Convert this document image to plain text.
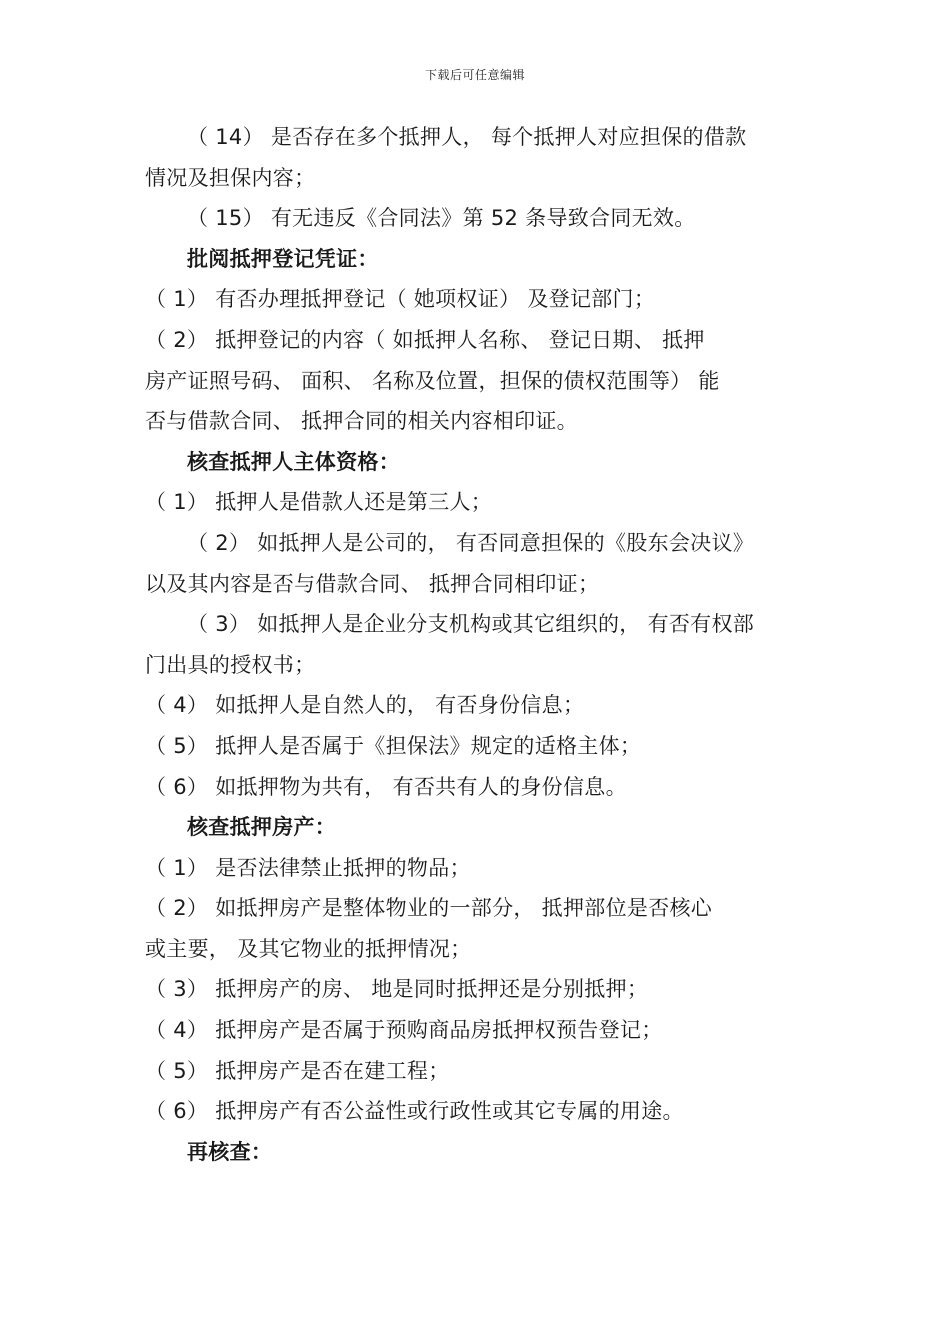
下载后可任意编辑
（ 14） 是否存在多个抵押人， 每个抵押人对应担保的借款
情况及担保内容；
（ 15） 有无违反《合同法》第 52 条导致合同无效。
批阅抵押登记凭证：
（ 1） 有否办理抵押登记（ 她项权证） 及登记部门；
（ 2） 抵押登记的内容（ 如抵押人名称、 登记日期、 抵押
房产证照号码、 面积、 名称及位置，担保的债权范围等） 能
否与借款合同、 抵押合同的相关内容相印证。
核查抵押人主体资格：
（ 1） 抵押人是借款人还是第三人；
（ 2） 如抵押人是公司的， 有否同意担保的《股东会决议》
以及其内容是否与借款合同、 抵押合同相印证；
（ 3） 如抵押人是企业分支机构或其它组织的， 有否有权部
门出具的授权书；
（ 4） 如抵押人是自然人的， 有否身份信息；
（ 5） 抵押人是否属于《担保法》规定的适格主体；
（ 6） 如抵押物为共有， 有否共有人的身份信息。
核查抵押房产：
（ 1） 是否法律禁止抵押的物品；
（ 2） 如抵押房产是整体物业的一部分， 抵押部位是否核心
或主要， 及其它物业的抵押情况；
（ 3） 抵押房产的房、 地是同时抵押还是分别抵押；
（ 4） 抵押房产是否属于预购商品房抵押权预告登记；
（ 5） 抵押房产是否在建工程；
（ 6） 抵押房产有否公益性或行政性或其它专属的用途。
再核查：
